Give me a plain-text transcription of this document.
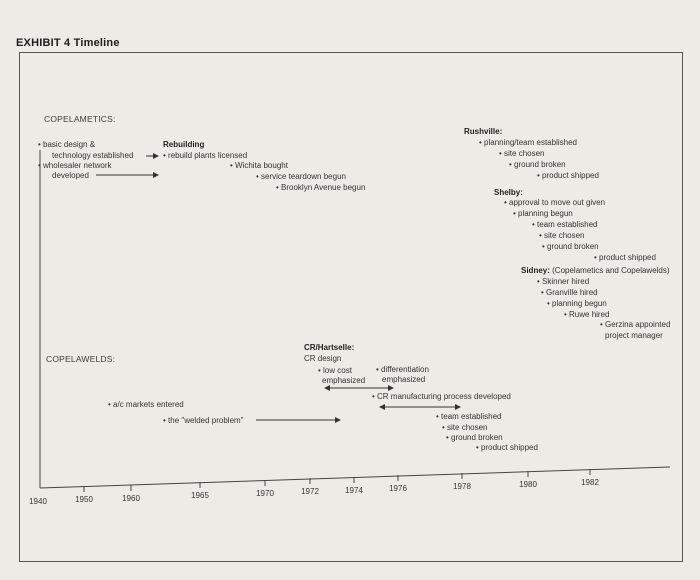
EXHIBIT 4 Timeline
COPELAMETICS:
• basic design &
technology established
• wholesaler network
developed
Rebuilding
• rebuild plants licensed
• Wichita bought
• service teardown begun
• Brooklyn Avenue begun
Rushville:
• planning/team established
• site chosen
• ground broken
• product shipped
Shelby:
• approval to move out given
• planning begun
• team established
• site chosen
• ground broken
• product shipped
Sidney: (Copelametics and Copelawelds)
• Skinner hired
• Granville hired
• planning begun
• Ruwe hired
• Gerzina appointed
project manager
COPELAWELDS:
• a/c markets entered
• the "welded problem"
CR/Hartselle:
CR design
• low cost
emphasized
• differentiation
emphasized
• CR manufacturing process developed
• team established
• site chosen
• ground broken
• product shipped
1940	1950	1960	1965	1970	1972	1974	1976	1978	1980	1982
